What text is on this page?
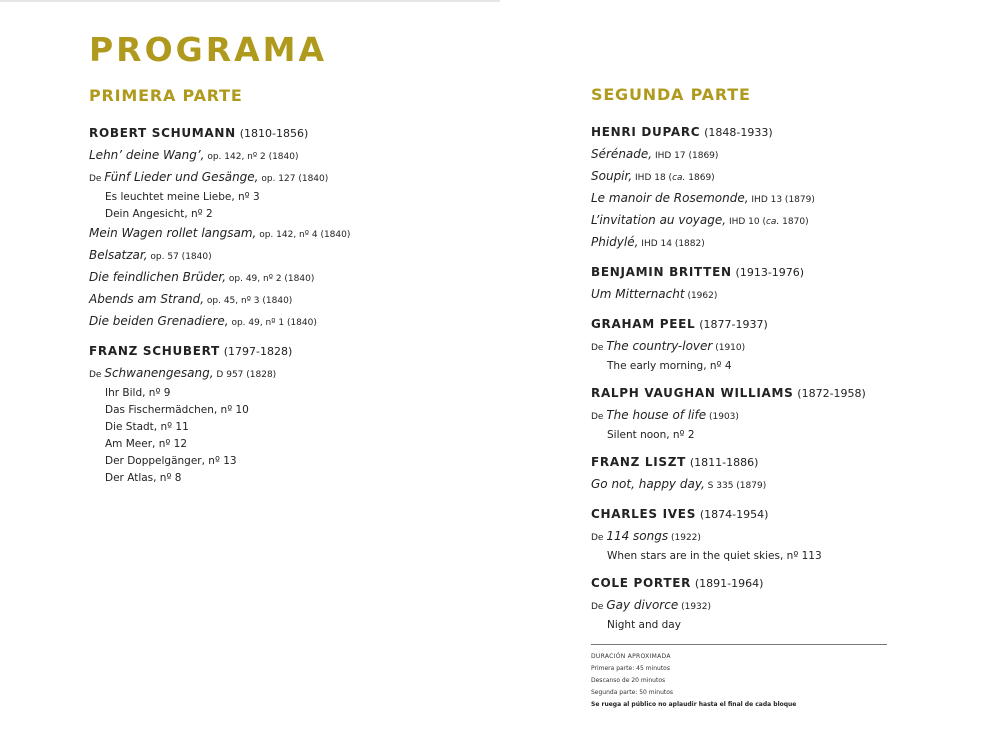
PROGRAMA
PRIMERA PARTE
ROBERT SCHUMANN (1810-1856)
Lehn’ deine Wang’, op. 142, nº 2 (1840)
De Fünf Lieder und Gesänge, op. 127 (1840)
Es leuchtet meine Liebe, nº 3
Dein Angesicht, nº 2
Mein Wagen rollet langsam, op. 142, nº 4 (1840)
Belsatzar, op. 57 (1840)
Die feindlichen Brüder, op. 49, nº 2 (1840)
Abends am Strand, op. 45, nº 3 (1840)
Die beiden Grenadiere, op. 49, nº 1 (1840)
FRANZ SCHUBERT (1797-1828)
De Schwanengesang, D 957 (1828)
Ihr Bild, nº 9
Das Fischermädchen, nº 10
Die Stadt, nº 11
Am Meer, nº 12
Der Doppelgänger, nº 13
Der Atlas, nº 8
SEGUNDA PARTE
HENRI DUPARC (1848-1933)
Sérénade, IHD 17 (1869)
Soupir, IHD 18 (ca. 1869)
Le manoir de Rosemonde, IHD 13 (1879)
L’invitation au voyage, IHD 10 (ca. 1870)
Phidylé, IHD 14 (1882)
BENJAMIN BRITTEN (1913-1976)
Um Mitternacht (1962)
GRAHAM PEEL (1877-1937)
De The country-lover (1910)
The early morning, nº 4
RALPH VAUGHAN WILLIAMS (1872-1958)
De The house of life (1903)
Silent noon, nº 2
FRANZ LISZT (1811-1886)
Go not, happy day, S 335 (1879)
CHARLES IVES (1874-1954)
De 114 songs (1922)
When stars are in the quiet skies, nº 113
COLE PORTER (1891-1964)
De Gay divorce (1932)
Night and day
DURACIÓN APROXIMADA
Primera parte: 45 minutos
Descanso de 20 minutos
Segunda parte: 50 minutos
Se ruega al público no aplaudir hasta el final de cada bloque
